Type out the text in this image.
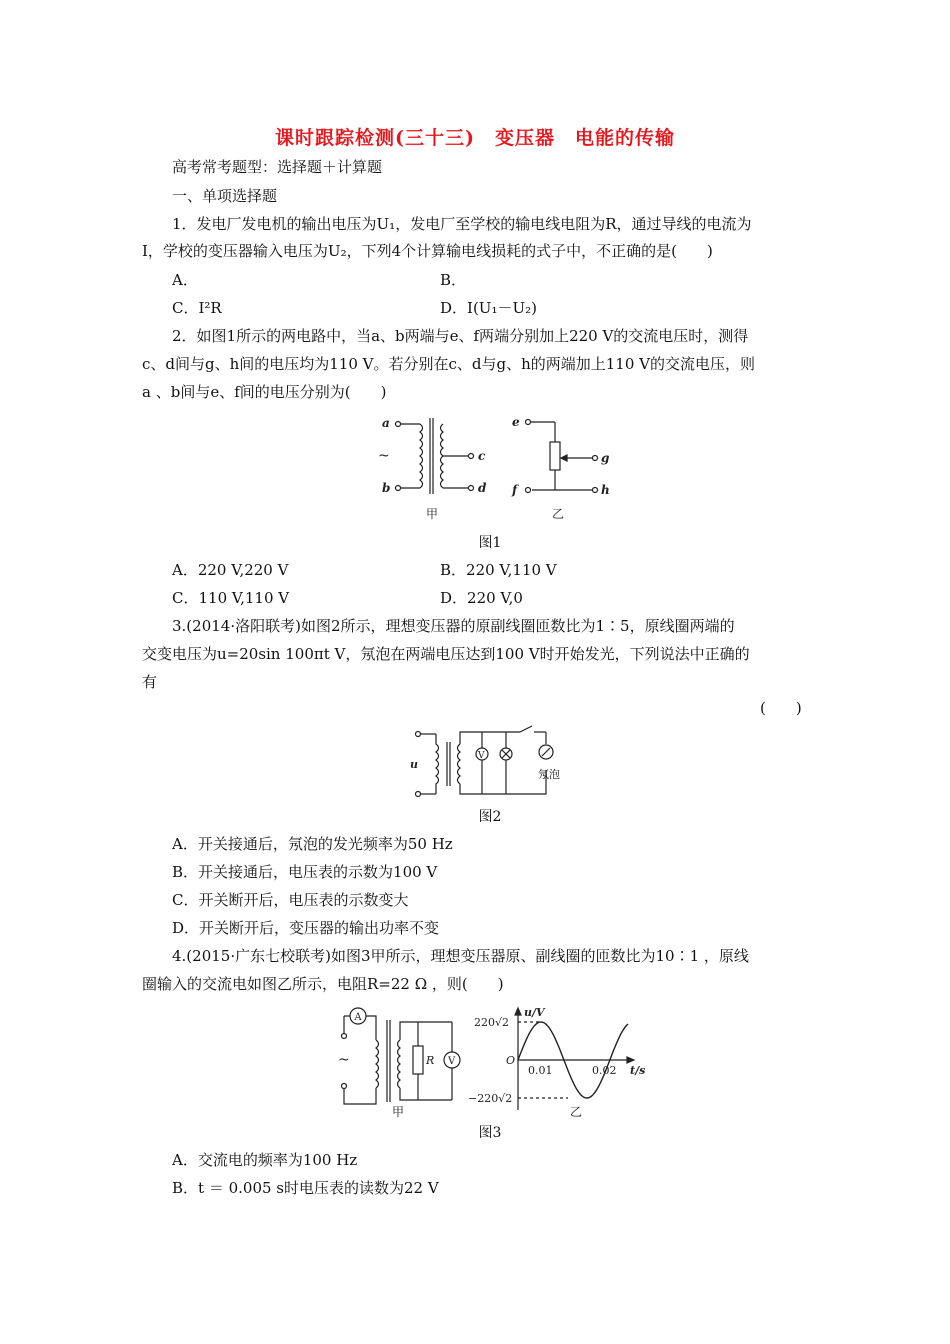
课时跟踪检测(三十三)　变压器　电能的传输
高考常考题型：选择题＋计算题
一、单项选择题
1．发电厂发电机的输出电压为U₁，发电厂至学校的输电线电阻为R，通过导线的电流为
I，学校的变压器输入电压为U₂，下列4个计算输电线损耗的式子中，不正确的是(　　)
A．	B．
C．I²R	D．I(U₁－U₂)
2．如图1所示的两电路中，当a、b两端与e、f两端分别加上220 V的交流电压时，测得
c、d间与g、h间的电压均为110 V。若分别在c、d与g、h的两端加上110 V的交流电压，则
a 、b间与e、f间的电压分别为(　　)
a
b
c
d
e
f
g
h
~
甲	乙
图1
A．220 V,220 V	B．220 V,110 V
C．110 V,110 V	D．220 V,0
3.(2014·洛阳联考)如图2所示，理想变压器的原副线圈匝数比为1∶5，原线圈两端的
交变电压为u=20sin 100πt V，氖泡在两端电压达到100 V时开始发光，下列说法中正确的
有
(　　)
u
V
氖泡
图2
A．开关接通后，氖泡的发光频率为50 Hz
B．开关接通后，电压表的示数为100 V
C．开关断开后，电压表的示数变大
D．开关断开后，变压器的输出功率不变
4.(2015·广东七校联考)如图3甲所示，理想变压器原、副线圈的匝数比为10∶1 ，原线
圈输入的交流电如图乙所示，电阻R=22 Ω ，则(　　)
A
V
R
~
甲
u/V
t/s
O
220√2
−220√2
0.01	0.02
乙
图3
A．交流电的频率为100 Hz
B．t ＝ 0.005 s时电压表的读数为22 V
